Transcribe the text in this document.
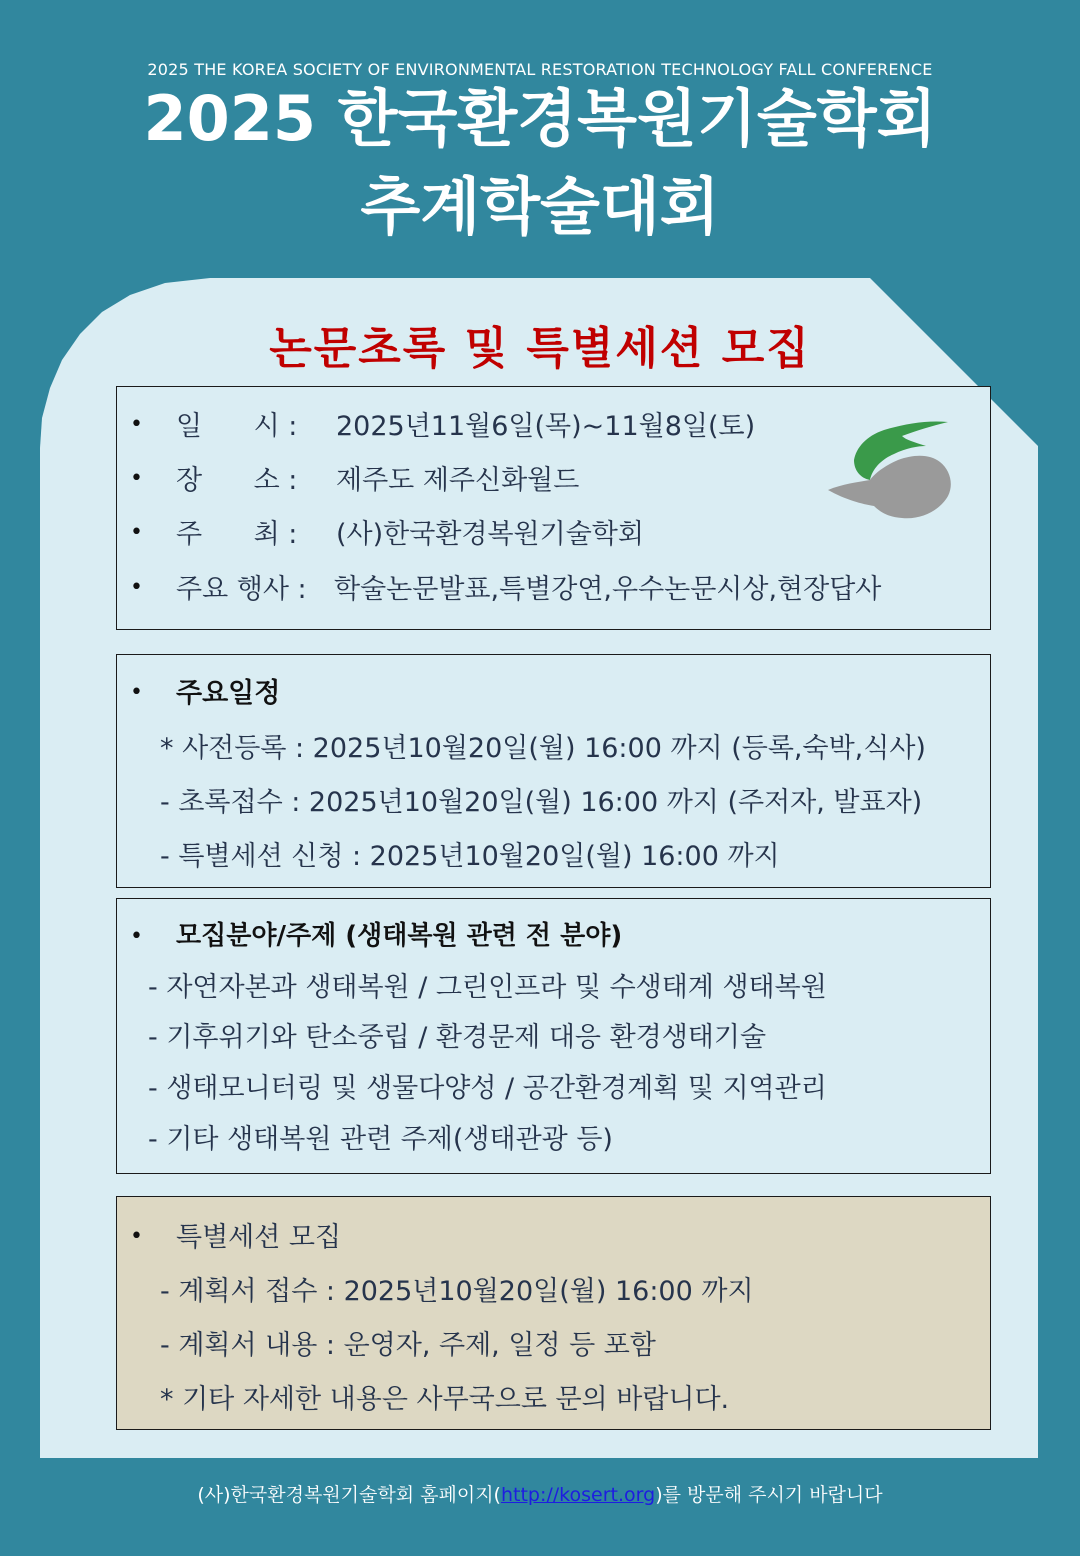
2025 THE KOREA SOCIETY OF ENVIRONMENTAL RESTORATION TECHNOLOGY FALL CONFERENCE
2025 한국환경복원기술학회
추계학술대회
논문초록 및 특별세션 모집
• 일      시 : 2025년11월6일(목)~11월8일(토)
• 장      소 : 제주도 제주신화월드
• 주      최 : (사)한국환경복원기술학회
• 주요 행사 : 학술논문발표,특별강연,우수논문시상,현장답사
• 주요일정
* 사전등록 : 2025년10월20일(월) 16:00 까지 (등록,숙박,식사)
- 초록접수 : 2025년10월20일(월) 16:00 까지 (주저자, 발표자)
- 특별세션 신청 : 2025년10월20일(월) 16:00 까지
• 모집분야/주제 (생태복원 관련 전 분야)
- 자연자본과 생태복원 / 그린인프라 및 수생태계 생태복원
- 기후위기와 탄소중립 / 환경문제 대응 환경생태기술
- 생태모니터링 및 생물다양성 / 공간환경계획 및 지역관리
- 기타 생태복원 관련 주제(생태관광 등)
• 특별세션 모집
- 계획서 접수 : 2025년10월20일(월) 16:00 까지
- 계획서 내용 : 운영자, 주제, 일정 등 포함
* 기타 자세한 내용은 사무국으로 문의 바랍니다.
(사)한국환경복원기술학회 홈페이지(http://kosert.org)를 방문해 주시기 바랍니다
